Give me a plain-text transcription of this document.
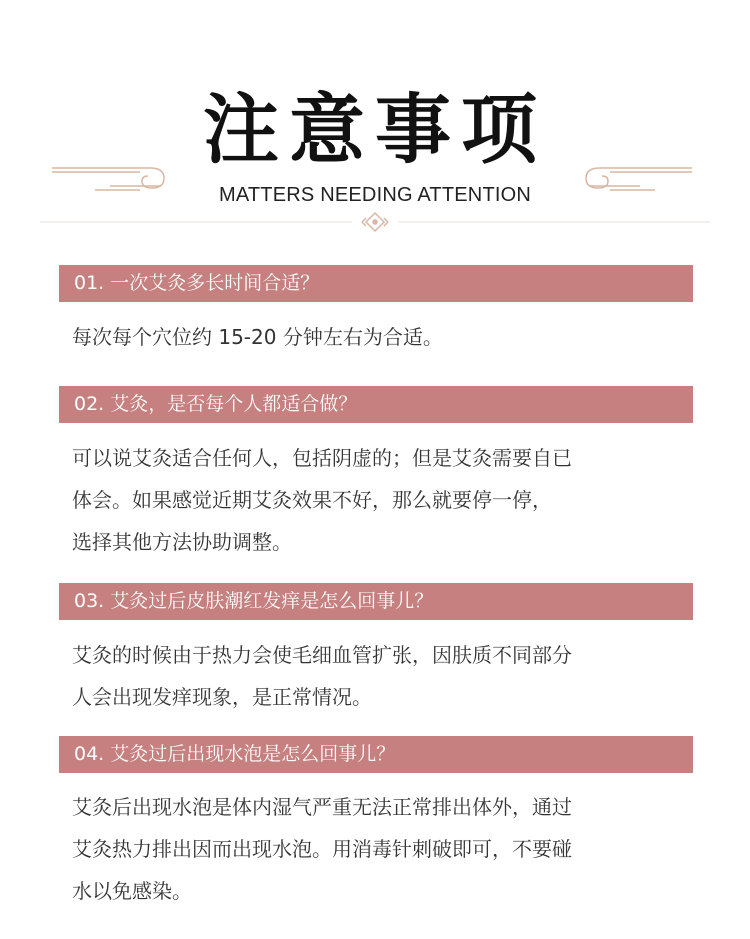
注意事项
MATTERS NEEDING ATTENTION
01. 一次艾灸多长时间合适？

每次每个穴位约 15-20 分钟左右为合适。

02. 艾灸，是否每个人都适合做？

可以说艾灸适合任何人，包括阴虚的；但是艾灸需要自已

体会。如果感觉近期艾灸效果不好，那么就要停一停，

选择其他方法协助调整。

03. 艾灸过后皮肤潮红发痒是怎么回事儿？

艾灸的时候由于热力会使毛细血管扩张，因肤质不同部分

人会出现发痒现象，是正常情况。

04. 艾灸过后出现水泡是怎么回事儿？

艾灸后出现水泡是体内湿气严重无法正常排出体外，通过

艾灸热力排出因而出现水泡。用消毒针刺破即可，不要碰

水以免感染。
